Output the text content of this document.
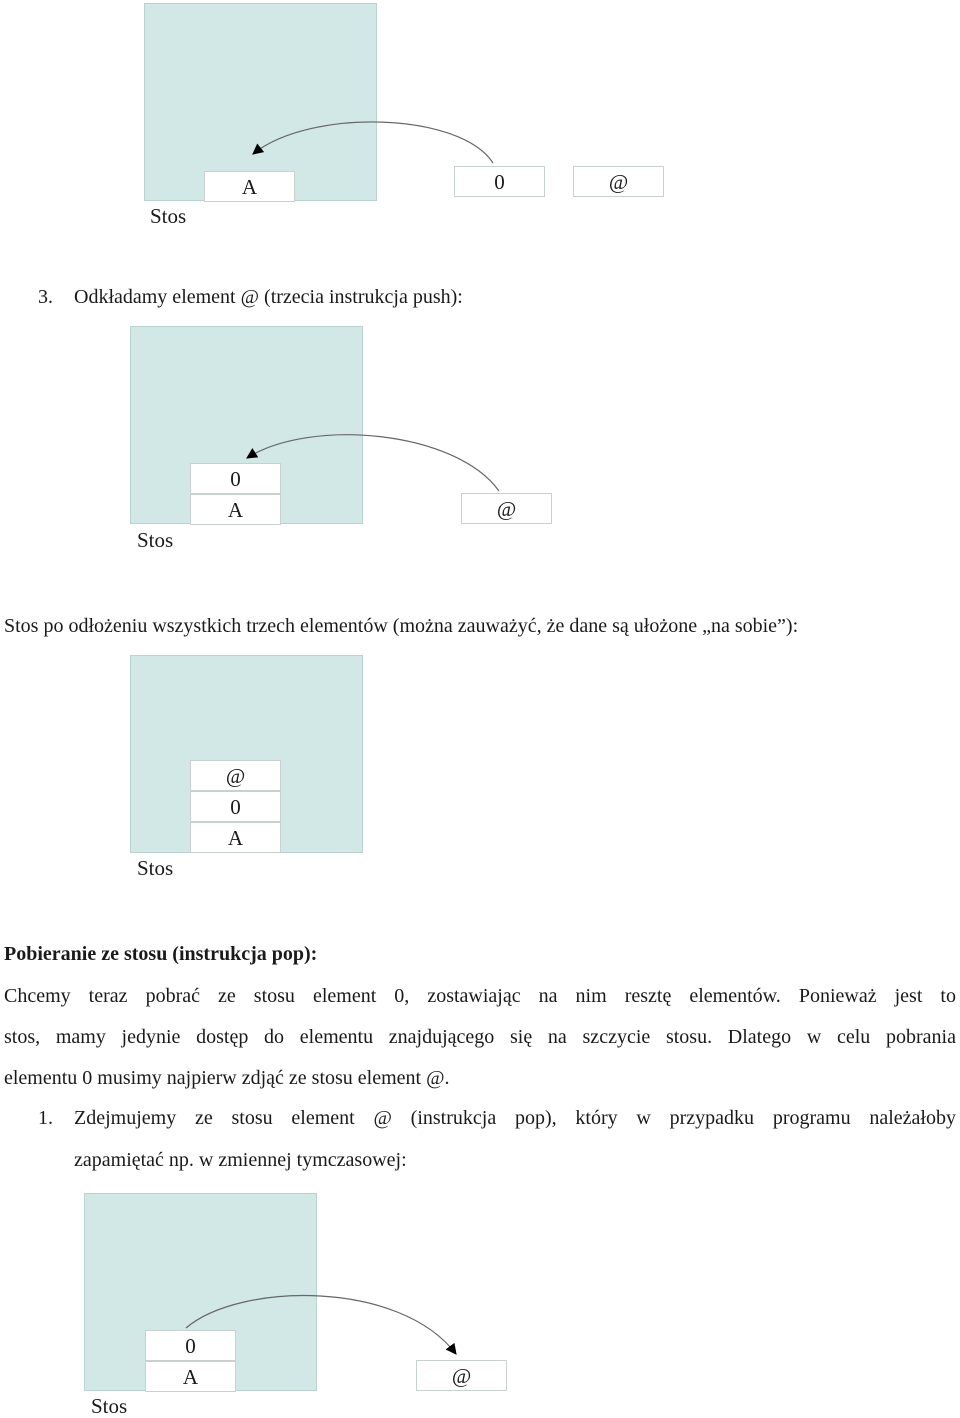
A	0	@
Stos
3. Odkładamy element @ (trzecia instrukcja push):
0
A	@
Stos
Stos po odłożeniu wszystkich trzech elementów (można zauważyć, że dane są ułożone „na sobie”):
@
0
A
Stos
Pobieranie ze stosu (instrukcja pop):
Chcemy teraz pobrać ze stosu element 0, zostawiając na nim resztę elementów. Ponieważ jest to
stos, mamy jedynie dostęp do elementu znajdującego się na szczycie stosu. Dlatego w celu pobrania
elementu 0 musimy najpierw zdjąć ze stosu element @.
1. Zdejmujemy ze stosu element @ (instrukcja pop), który w przypadku programu należałoby
zapamiętać np. w zmiennej tymczasowej:
0
A	@
Stos
